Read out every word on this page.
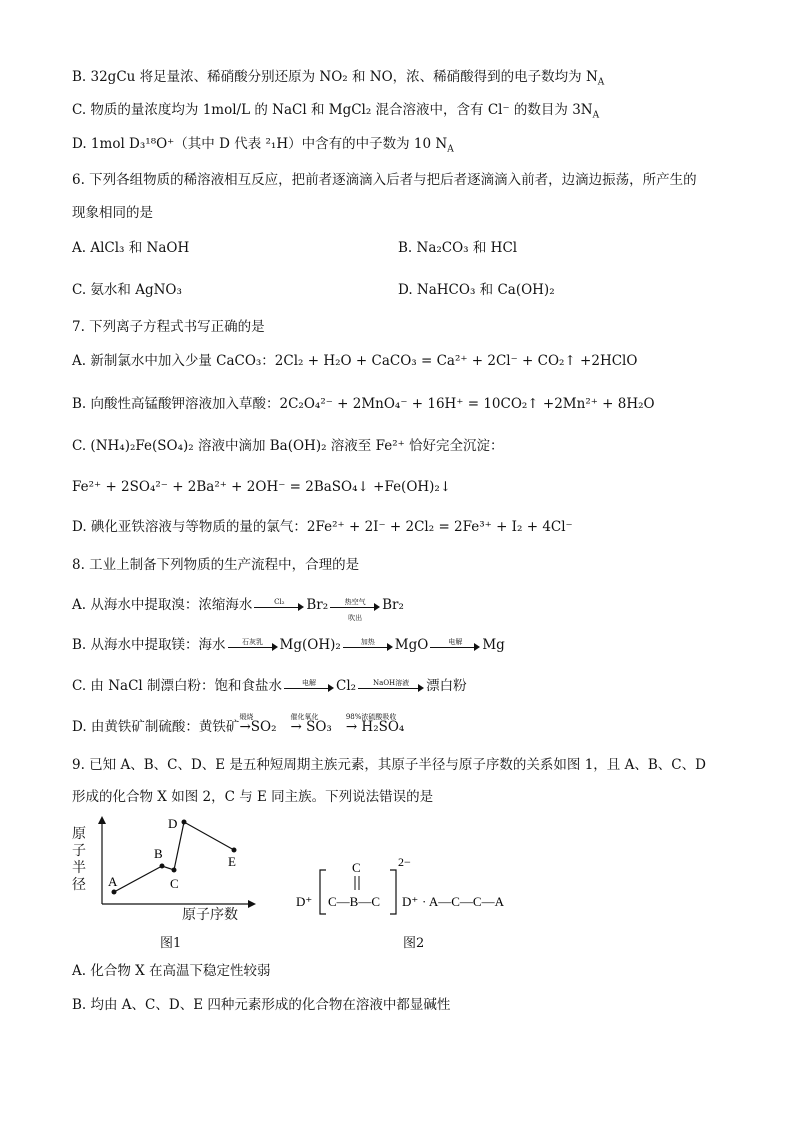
B. 32gCu 将足量浓、稀硝酸分别还原为 NO₂ 和 NO，浓、稀硝酸得到的电子数均为 $N_A$
C. 物质的量浓度均为 1mol/L 的 NaCl 和 MgCl₂ 混合溶液中，含有 Cl⁻ 的数目为 $3N_A$
D. 1mol D₃¹⁸O⁺（其中 D 代表 ²₁H）中含有的中子数为 10 $N_A$
6. 下列各组物质的稀溶液相互反应，把前者逐滴滴入后者与把后者逐滴滴入前者，边滴边振荡，所产生的
现象相同的是
A. AlCl₃ 和 NaOH	B. Na₂CO₃ 和 HCl
C. 氨水和 AgNO₃	D. NaHCO₃ 和 Ca(OH)₂
7. 下列离子方程式书写正确的是
A. 新制氯水中加入少量 CaCO₃：2Cl₂ + H₂O + CaCO₃ = Ca²⁺ + 2Cl⁻ + CO₂↑ +2HClO
B. 向酸性高锰酸钾溶液加入草酸：2C₂O₄²⁻ + 2MnO₄⁻ + 16H⁺ = 10CO₂↑ +2Mn²⁺ + 8H₂O
C. (NH₄)₂Fe(SO₄)₂ 溶液中滴加 Ba(OH)₂ 溶液至 Fe²⁺ 恰好完全沉淀：
Fe²⁺ + 2SO₄²⁻ + 2Ba²⁺ + 2OH⁻ = 2BaSO₄↓ +Fe(OH)₂↓
D. 碘化亚铁溶液与等物质的量的氯气：2Fe²⁺ + 2I⁻ + 2Cl₂ = 2Fe³⁺ + I₂ + 4Cl⁻
8. 工业上制备下列物质的生产流程中，合理的是
A. 从海水中提取溴：浓缩海水	Cl₂	Br₂	热空气
吹出
Br₂
B. 从海水中提取镁：海水	石灰乳	Mg(OH)₂	加热	MgO	电解	Mg
C. 由 NaCl 制漂白粉：饱和食盐水	电解	Cl₂	NaOH溶液	漂白粉
D. 由黄铁矿制硫酸：黄铁矿
煅烧
→SO₂
催化氧化
→ SO₃
98%浓硫酸吸收
→ H₂SO₄
9. 已知 A、B、C、D、E 是五种短周期主族元素，其原子半径与原子序数的关系如图 1，且 A、B、C、D
形成的化合物 X 如图 2，C 与 E 同主族。下列说法错误的是
A
B
C
D
E
原子半径
原子序数
图1
D⁺
C
C—B—C
2−
D⁺ · A—C—C—A
图2
A. 化合物 X 在高温下稳定性较弱
B. 均由 A、C、D、E 四种元素形成的化合物在溶液中都显碱性
